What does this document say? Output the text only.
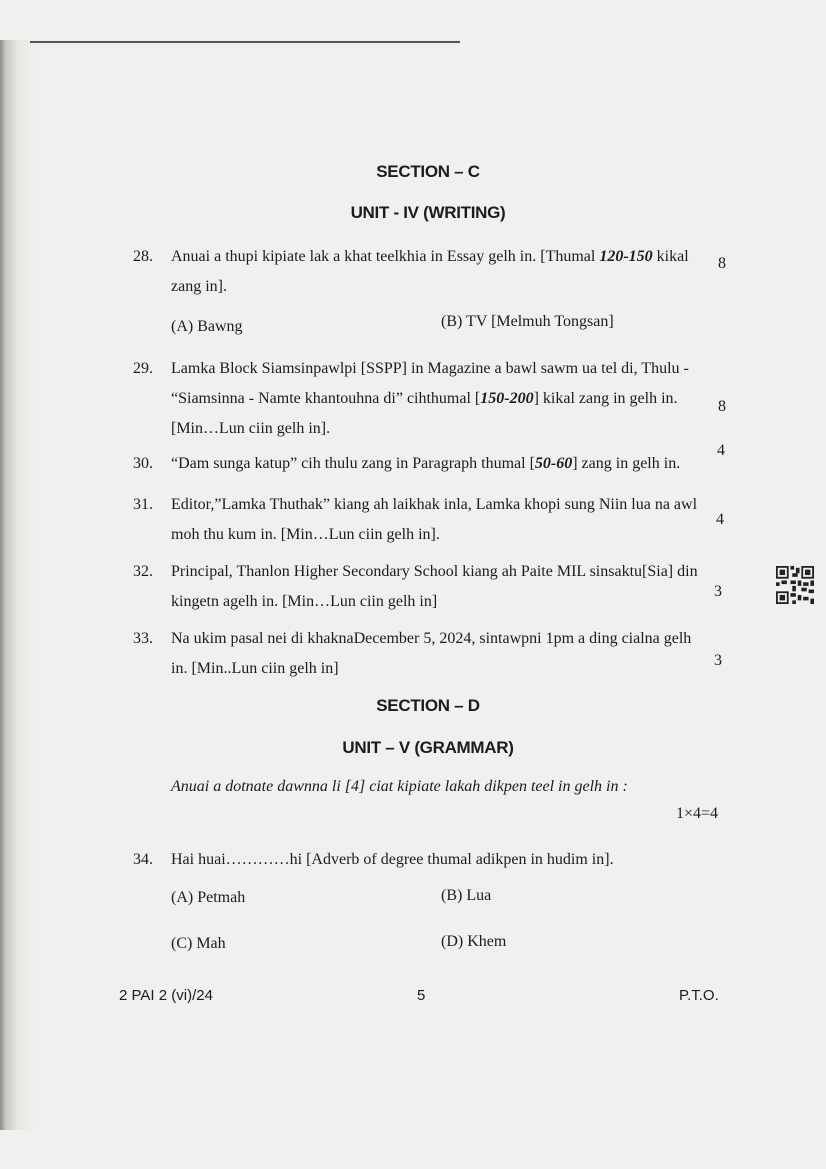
SECTION – C
UNIT - IV (WRITING)
28.	Anuai a thupi kipiate lak a khat teelkhia in Essay gelh in. [Thumal 120-150 kikal
zang in].
8
(A) Bawng	(B) TV [Melmuh Tongsan]
29.	Lamka Block Siamsinpawlpi [SSPP] in Magazine a bawl sawm ua tel di, Thulu -
“Siamsinna - Namte khantouhna di” cihthumal [150-200] kikal zang in gelh in.
[Min…Lun ciin gelh in].
8
30.	“Dam sunga katup” cih thulu zang in Paragraph thumal [50-60] zang in gelh in.
4
31.	Editor,”Lamka Thuthak” kiang ah laikhak inla, Lamka khopi sung Niin lua na awl
moh thu kum in. [Min…Lun ciin gelh in].
4
32.	Principal, Thanlon Higher Secondary School kiang ah Paite MIL sinsaktu[Sia] din
kingetn agelh in. [Min…Lun ciin gelh in]
3
33.	Na ukim pasal nei di khaknaDecember 5, 2024, sintawpni 1pm a ding cialna gelh
in. [Min..Lun ciin gelh in]	3
SECTION – D
UNIT – V (GRAMMAR)
Anuai a dotnate dawnna li [4] ciat kipiate lakah dikpen teel in gelh in :
1×4=4
34.	Hai huai…………hi [Adverb of degree thumal adikpen in hudim in].
(A) Petmah	(B) Lua
(C) Mah	(D) Khem
2 PAI 2 (vi)/24	5	P.T.O.
